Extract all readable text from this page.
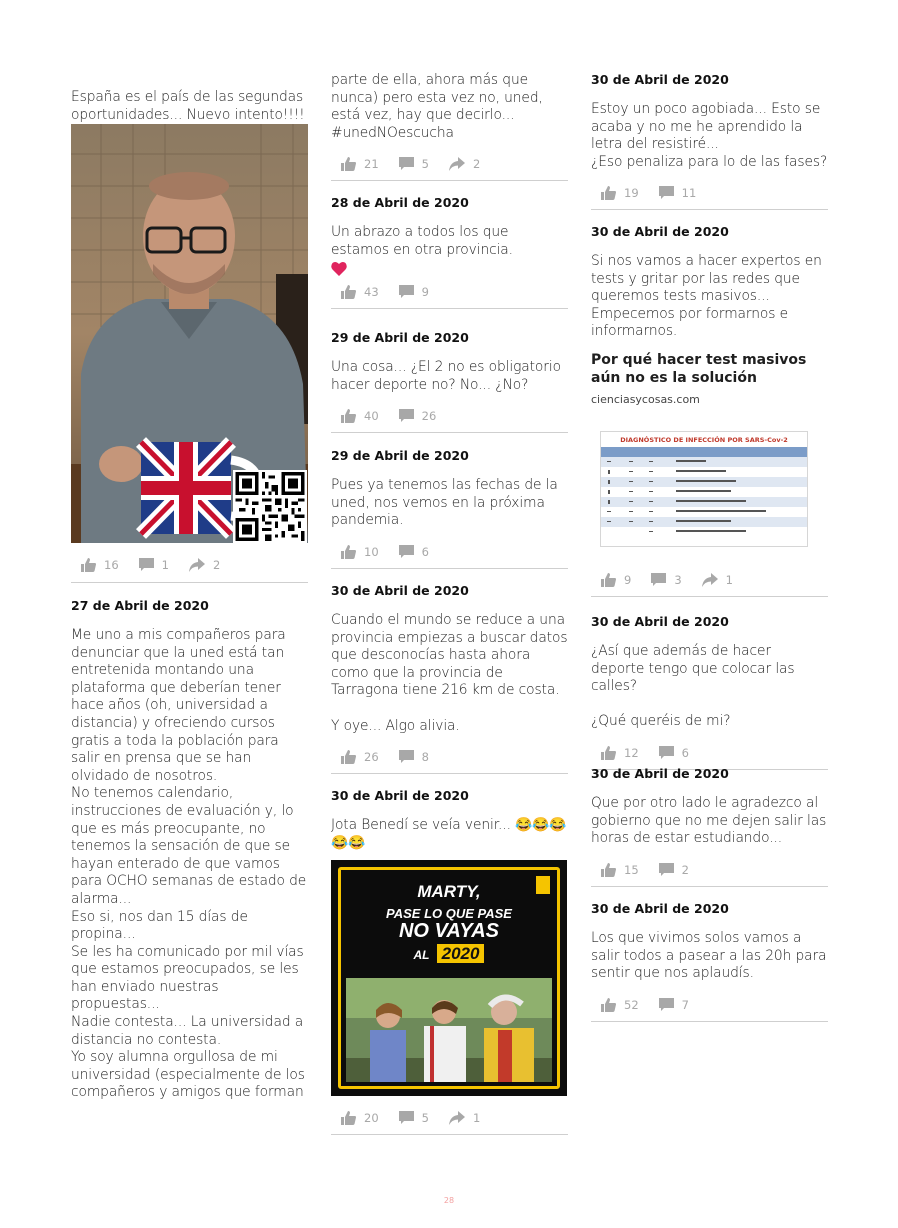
España es el país de las segundas oportunidades... Nuevo intento!!!!
16	1	2
27 de Abril de 2020
Me uno a mis compañeros para denunciar que la uned está tan entretenida montando una plataforma que deberían tener hace años (oh, universidad a distancia) y ofreciendo cursos gratis a toda la población para salir en prensa que se han olvidado de nosotros.
No tenemos calendario, instrucciones de evaluación y, lo que es más preocupante, no tenemos la sensación de que se hayan enterado de que vamos para OCHO semanas de estado de alarma...
Eso si, nos dan 15 días de propina...
Se les ha comunicado por mil vías que estamos preocupados, se les han enviado nuestras propuestas...
Nadie contesta... La universidad a distancia no contesta.
Yo soy alumna orgullosa de mi universidad (especialmente de los compañeros y amigos que forman
parte de ella, ahora más que nunca) pero esta vez no, uned, está vez, hay que decirlo...
#unedNOescucha
21	5	2
28 de Abril de 2020
Un abrazo a todos los que estamos en otra provincia.
43	9
29 de Abril de 2020
Una cosa... ¿El 2 no es obligatorio hacer deporte no? No... ¿No?
40	26
29 de Abril de 2020
Pues ya tenemos las fechas de la uned, nos vemos en la próxima pandemia.
10	6
30 de Abril de 2020
Cuando el mundo se reduce a una provincia empiezas a buscar datos que desconocías hasta ahora como que la provincia de Tarragona tiene 216 km de costa.

Y oye... Algo alivia.
26	8
30 de Abril de 2020
Jota Benedí se veía venir... 😂😂😂
😂😂
MARTY,
PASE LO QUE PASE
NO VAYAS
AL 2020
20	5	1
30 de Abril de 2020
Estoy un poco agobiada... Esto se acaba y no me he aprendido la letra del resistiré...
¿Eso penaliza para lo de las fases?
19	11
30 de Abril de 2020
Si nos vamos a hacer expertos en tests y gritar por las redes que queremos tests masivos...
Empecemos por formarnos e informarnos.
Por qué hacer test masivos aún no es la solución
cienciasycosas.com
DIAGNÓSTICO DE INFECCIÓN POR SARS-Cov-2
9	3	1
30 de Abril de 2020
¿Así que además de hacer deporte tengo que colocar las calles?

¿Qué queréis de mi?
12	6
30 de Abril de 2020
Que por otro lado le agradezco al gobierno que no me dejen salir las horas de estar estudiando...
15	2
30 de Abril de 2020
Los que vivimos solos vamos a salir todos a pasear a las 20h para sentir que nos aplaudís.
52	7
28
